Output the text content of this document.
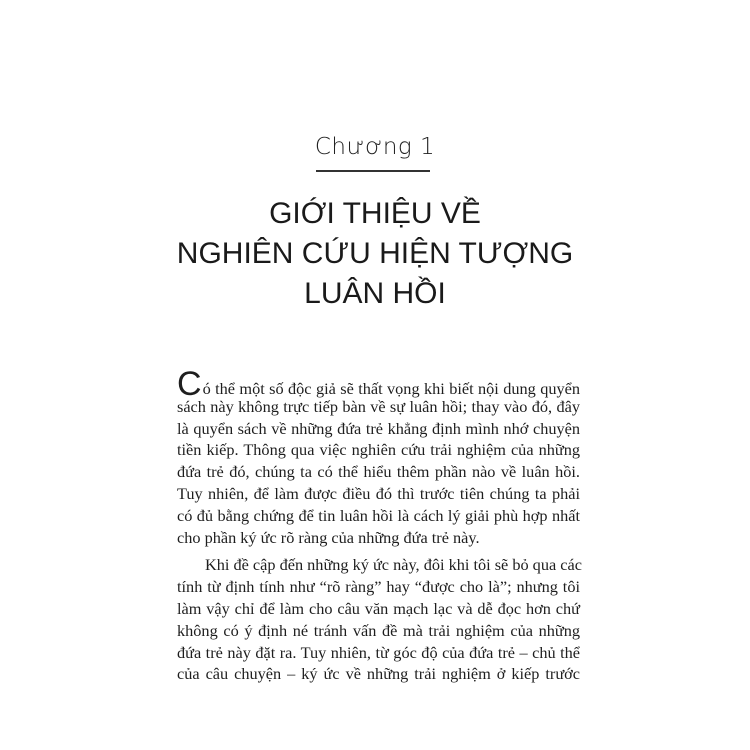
Chương 1
GIỚI THIỆU VỀ
NGHIÊN CỨU HIỆN TƯỢNG
LUÂN HỒI
Có thể một số độc giả sẽ thất vọng khi biết nội dung quyển
sách này không trực tiếp bàn về sự luân hồi; thay vào đó, đây
là quyển sách về những đứa trẻ khẳng định mình nhớ chuyện
tiền kiếp. Thông qua việc nghiên cứu trải nghiệm của những
đứa trẻ đó, chúng ta có thể hiểu thêm phần nào về luân hồi.
Tuy nhiên, để làm được điều đó thì trước tiên chúng ta phải
có đủ bằng chứng để tin luân hồi là cách lý giải phù hợp nhất
cho phần ký ức rõ ràng của những đứa trẻ này.
Khi đề cập đến những ký ức này, đôi khi tôi sẽ bỏ qua các
tính từ định tính như “rõ ràng” hay “được cho là”; nhưng tôi
làm vậy chỉ để làm cho câu văn mạch lạc và dễ đọc hơn chứ
không có ý định né tránh vấn đề mà trải nghiệm của những
đứa trẻ này đặt ra. Tuy nhiên, từ góc độ của đứa trẻ – chủ thể
của câu chuyện – ký ức về những trải nghiệm ở kiếp trước
